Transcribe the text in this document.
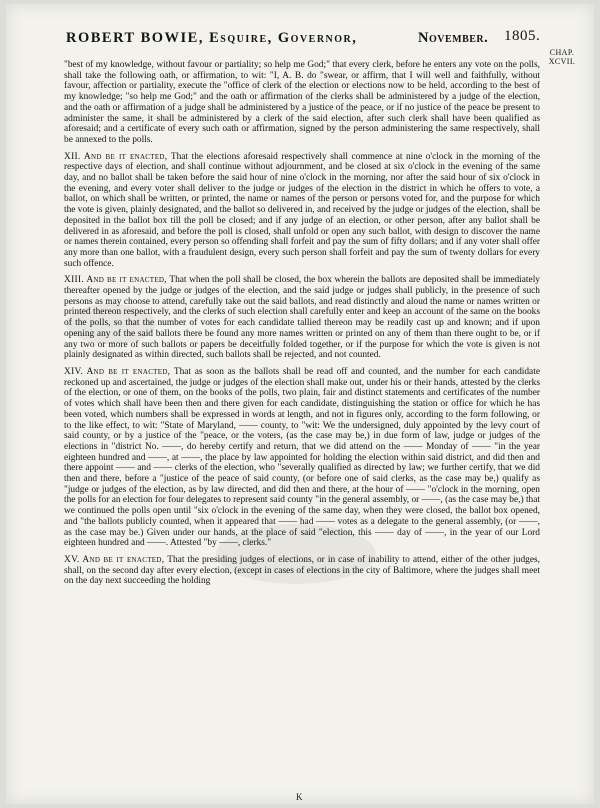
ROBERT BOWIE, Esquire, Governor,	November. 1805.
CHAP.
XCVII.

"best of my knowledge, without favour or partiality; so help me God;" that every clerk, before he enters any vote on the polls, shall take the following oath, or affirmation, to wit: "I, A. B. do "swear, or affirm, that I will well and faithfully, without favour, affection or partiality, execute the "office of clerk of the election or elections now to be held, according to the best of my knowledge; "so help me God;" and the oath or affirmation of the clerks shall be administered by a judge of the election, and the oath or affirmation of a judge shall be administered by a justice of the peace, or if no justice of the peace be present to administer the same, it shall be administered by a clerk of the said election, after such clerk shall have been qualified as aforesaid; and a certificate of every such oath or affirmation, signed by the person administering the same respectively, shall be annexed to the polls.

XII. And be it enacted, That the elections aforesaid respectively shall commence at nine o'clock in the morning of the respective days of election, and shall continue without adjournment, and be closed at six o'clock in the evening of the same day, and no ballot shall be taken before the said hour of nine o'clock in the morning, nor after the said hour of six o'clock in the evening, and every voter shall deliver to the judge or judges of the election in the district in which he offers to vote, a ballot, on which shall be written, or printed, the name or names of the person or persons voted for, and the purpose for which the vote is given, plainly designated, and the ballot so delivered in, and received by the judge or judges of the election, shall be deposited in the ballot box till the poll be closed; and if any judge of an election, or other person, after any ballot shall be delivered in as aforesaid, and before the poll is closed, shall unfold or open any such ballot, with design to discover the name or names therein contained, every person so offending shall forfeit and pay the sum of fifty dollars; and if any voter shall offer any more than one ballot, with a fraudulent design, every such person shall forfeit and pay the sum of twenty dollars for every such offence.

XIII. And be it enacted, That when the poll shall be closed, the box wherein the ballots are deposited shall be immediately thereafter opened by the judge or judges of the election, and the said judge or judges shall publicly, in the presence of such persons as may choose to attend, carefully take out the said ballots, and read distinctly and aloud the name or names written or printed thereon respectively, and the clerks of such election shall carefully enter and keep an account of the same on the books of the polls, so that the number of votes for each candidate tallied thereon may be readily cast up and known; and if upon opening any of the said ballots there be found any more names written or printed on any of them than there ought to be, or if any two or more of such ballots or papers be deceitfully folded together, or if the purpose for which the vote is given is not plainly designated as within directed, such ballots shall be rejected, and not counted.

XIV. And be it enacted, That as soon as the ballots shall be read off and counted, and the number for each candidate reckoned up and ascertained, the judge or judges of the election shall make out, under his or their hands, attested by the clerks of the election, or one of them, on the books of the polls, two plain, fair and distinct statements and certificates of the number of votes which shall have been then and there given for each candidate, distinguishing the station or office for which he has been voted, which numbers shall be expressed in words at length, and not in figures only, according to the form following, or to the like effect, to wit: "State of Maryland, —— county, to "wit: We the undersigned, duly appointed by the levy court of said county, or by a justice of the "peace, or the voters, (as the case may be,) in due form of law, judge or judges of the elections in "district No. ——, do hereby certify and return, that we did attend on the —— Monday of —— "in the year eighteen hundred and ——, at ——, the place by law appointed for holding the election within said district, and did then and there appoint —— and —— clerks of the election, who "severally qualified as directed by law; we further certify, that we did then and there, before a "justice of the peace of said county, (or before one of said clerks, as the case may be,) qualify as "judge or judges of the election, as by law directed, and did then and there, at the hour of —— "o'clock in the morning, open the polls for an election for four delegates to represent said county "in the general assembly, or ——, (as the case may be,) that we continued the polls open until "six o'clock in the evening of the same day, when they were closed, the ballot box opened, and "the ballots publicly counted, when it appeared that —— had —— votes as a delegate to the general assembly, (or ——, as the case may be.) Given under our hands, at the place of said "election, this —— day of ——, in the year of our Lord eighteen hundred and ——. Attested "by ——, clerks."

XV. And be it enacted, That the presiding judges of elections, or in case of inability to attend, either of the other judges, shall, on the second day after every election, (except in cases of elections in the city of Baltimore, where the judges shall meet on the day next succeeding the holding

K
